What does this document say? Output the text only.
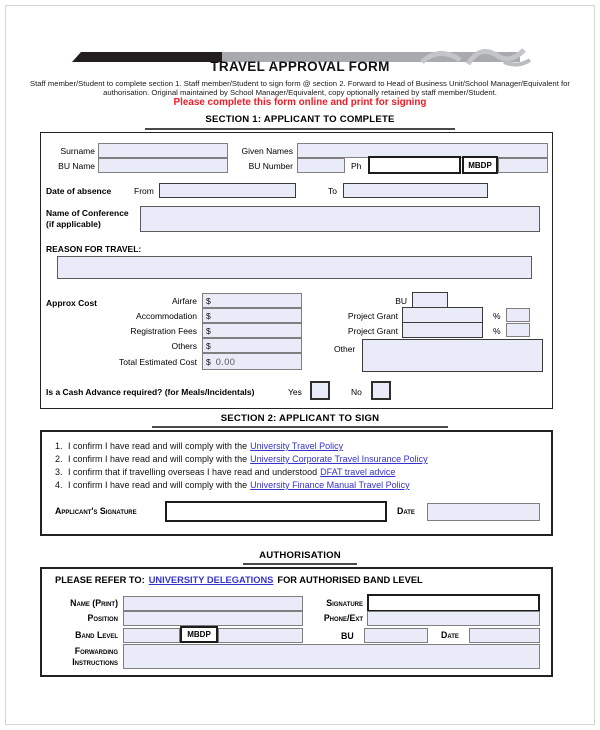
TRAVEL APPROVAL FORM
Staff member/Student to complete section 1. Staff member/Student to sign form @ section 2. Forward to Head of Business Unit/School Manager/Equivalent for authorisation. Original maintained by School Manager/Equivalent, copy optionally retained by staff member/Student.
Please complete this form online and print for signing
SECTION 1: APPLICANT TO COMPLETE
Surname	Given Names
BU Name	BU Number	Ph	MBDP
Date of absence	From	To
Name of Conference
(if applicable)
REASON FOR TRAVEL:
Approx Cost	Airfare $
Accommodation $
Registration Fees $
Others $
Total Estimated Cost $ 0.00
BU
Project Grant	%
Project Grant	%
Other
Is a Cash Advance required? (for Meals/Incidentals)	Yes	No
SECTION 2: APPLICANT TO SIGN
1. I confirm I have read and will comply with the University Travel Policy
2. I confirm I have read and will comply with the University Corporate Travel Insurance Policy
3. I confirm that if travelling overseas I have read and understood DFAT travel advice
4. I confirm I have read and will comply with the University Finance Manual Travel Policy
Applicant's Signature	Date
AUTHORISATION
PLEASE REFER TO: UNIVERSITY DELEGATIONS FOR AUTHORISED BAND LEVEL
Name (Print)	Signature
Position	Phone/Ext
Band Level	MBDP	BU	Date
Forwarding
Instructions
